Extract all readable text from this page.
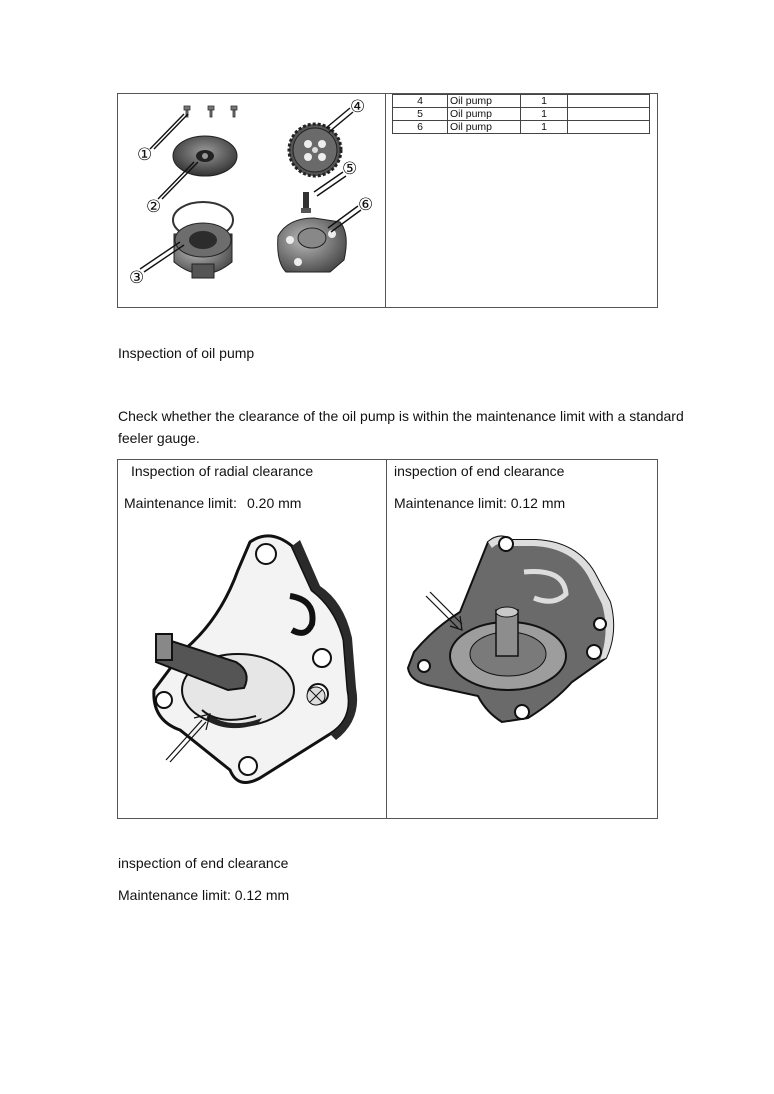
4	Oil pump	1	
5	Oil pump	1	
6	Oil pump	1	
①
②
③
④
⑤
⑥
Inspection of oil pump
Check whether the clearance of the oil pump is within the maintenance limit with a standard
feeler gauge.
Inspection of radial clearance
Maintenance limit: 0.20 mm
inspection of end clearance
Maintenance limit: 0.12 mm
inspection of end clearance
Maintenance limit: 0.12 mm
